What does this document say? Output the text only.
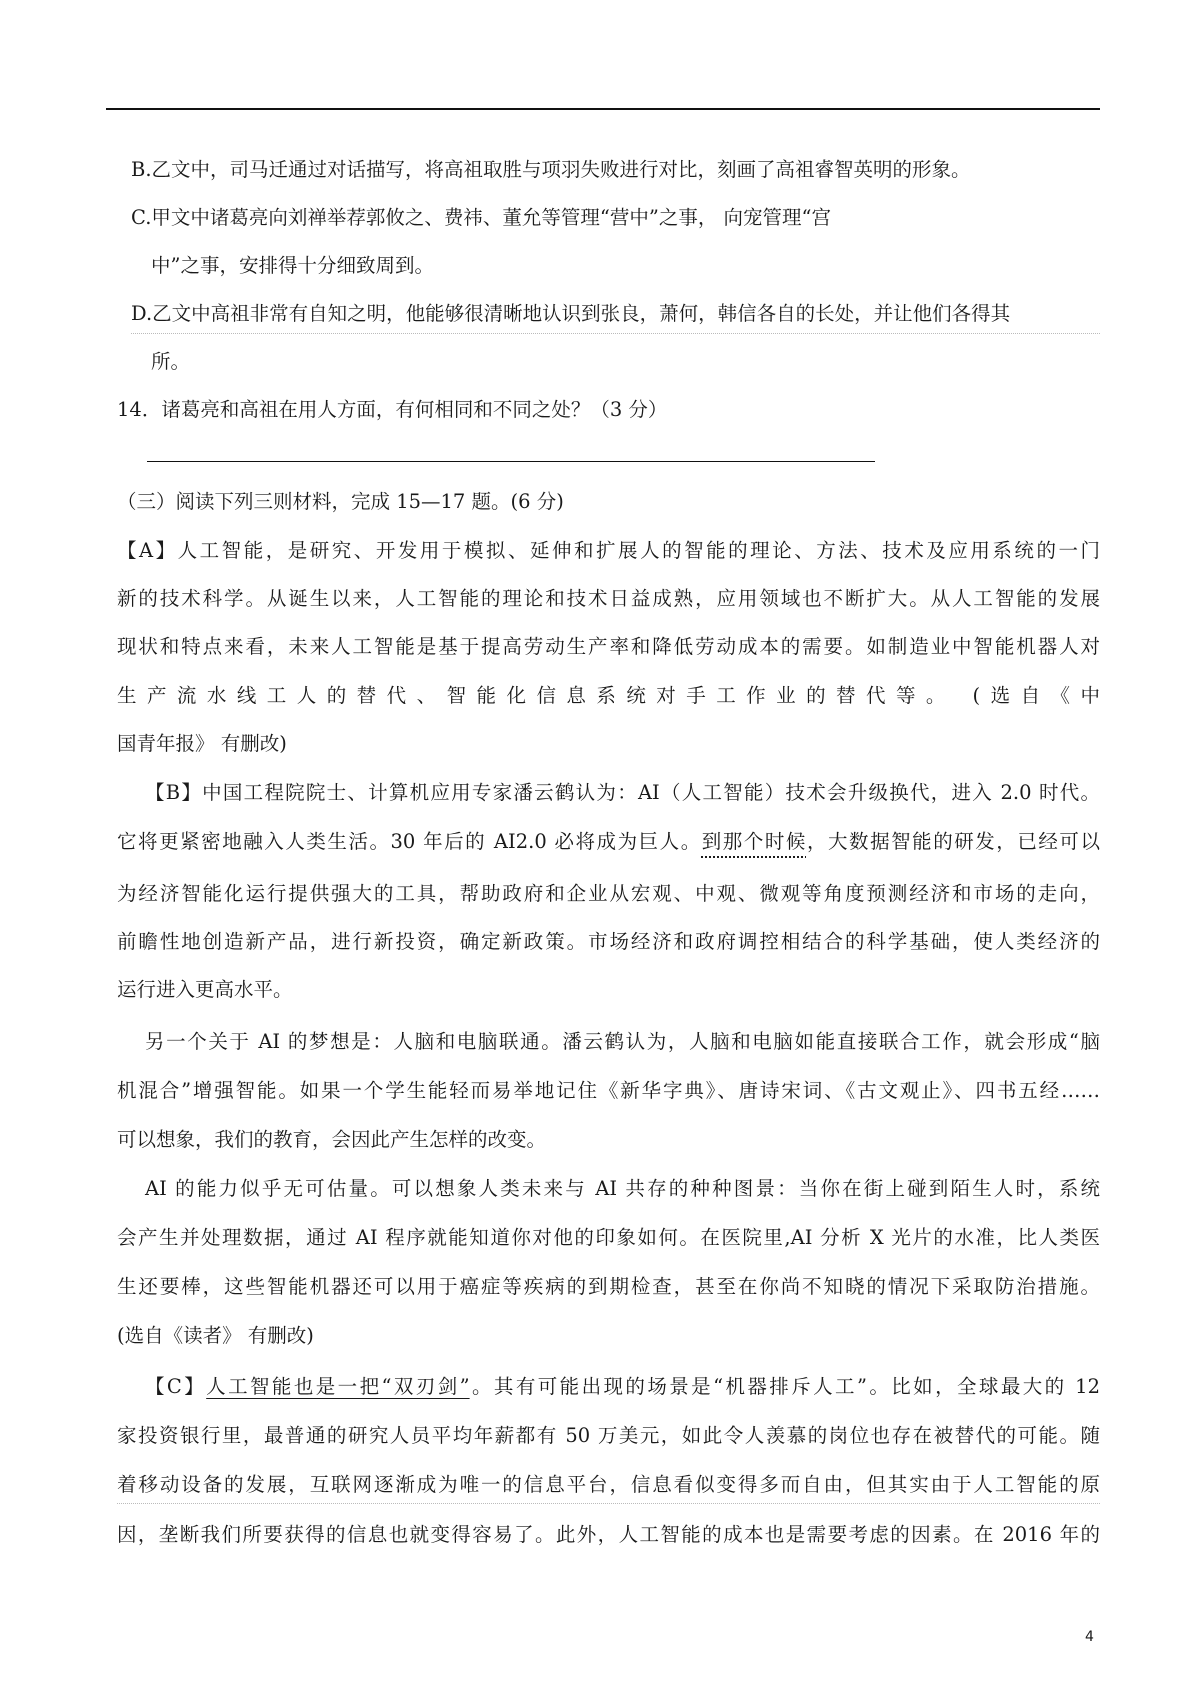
B.乙文中，司马迁通过对话描写，将高祖取胜与项羽失败进行对比，刻画了高祖睿智英明的形象。
C.甲文中诸葛亮向刘禅举荐郭攸之、费祎、董允等管理“营中”之事， 向宠管理“宫
中”之事，安排得十分细致周到。
D.乙文中高祖非常有自知之明，他能够很清晰地认识到张良，萧何，韩信各自的长处，并让他们各得其
所。
14．诸葛亮和高祖在用人方面，有何相同和不同之处？（3 分）
（三）阅读下列三则材料，完成 15—17 题。(6 分)
【A】人工智能，是研究、开发用于模拟、延伸和扩展人的智能的理论、方法、技术及应用系统的一门
新的技术科学。从诞生以来，人工智能的理论和技术日益成熟，应用领域也不断扩大。从人工智能的发展
现状和特点来看，未来人工智能是基于提高劳动生产率和降低劳动成本的需要。如制造业中智能机器人对
生产流水线工人的替代、智能化信息系统对手工作业的替代等。 (选自《中
国青年报》 有删改)
【B】中国工程院院士、计算机应用专家潘云鹤认为：AI（人工智能）技术会升级换代，进入 2.0 时代。
它将更紧密地融入人类生活。30 年后的 AI2.0 必将成为巨人。到那个时候，大数据智能的研发，已经可以
为经济智能化运行提供强大的工具，帮助政府和企业从宏观、中观、微观等角度预测经济和市场的走向，
前瞻性地创造新产品，进行新投资，确定新政策。市场经济和政府调控相结合的科学基础，使人类经济的
运行进入更高水平。
另一个关于 AI 的梦想是：人脑和电脑联通。潘云鹤认为，人脑和电脑如能直接联合工作，就会形成“脑
机混合”增强智能。如果一个学生能轻而易举地记住《新华字典》、唐诗宋词、《古文观止》、四书五经……
可以想象，我们的教育，会因此产生怎样的改变。
AI 的能力似乎无可估量。可以想象人类未来与 AI 共存的种种图景：当你在街上碰到陌生人时，系统
会产生并处理数据，通过 AI 程序就能知道你对他的印象如何。在医院里,AI 分析 X 光片的水准，比人类医
生还要棒，这些智能机器还可以用于癌症等疾病的到期检查，甚至在你尚不知晓的情况下采取防治措施。
(选自《读者》 有删改)
【C】人工智能也是一把“双刃剑”。其有可能出现的场景是“机器排斥人工”。比如，全球最大的 12
家投资银行里，最普通的研究人员平均年薪都有 50 万美元，如此令人羡慕的岗位也存在被替代的可能。随
着移动设备的发展，互联网逐渐成为唯一的信息平台，信息看似变得多而自由，但其实由于人工智能的原
因，垄断我们所要获得的信息也就变得容易了。此外，人工智能的成本也是需要考虑的因素。在 2016 年的
4
